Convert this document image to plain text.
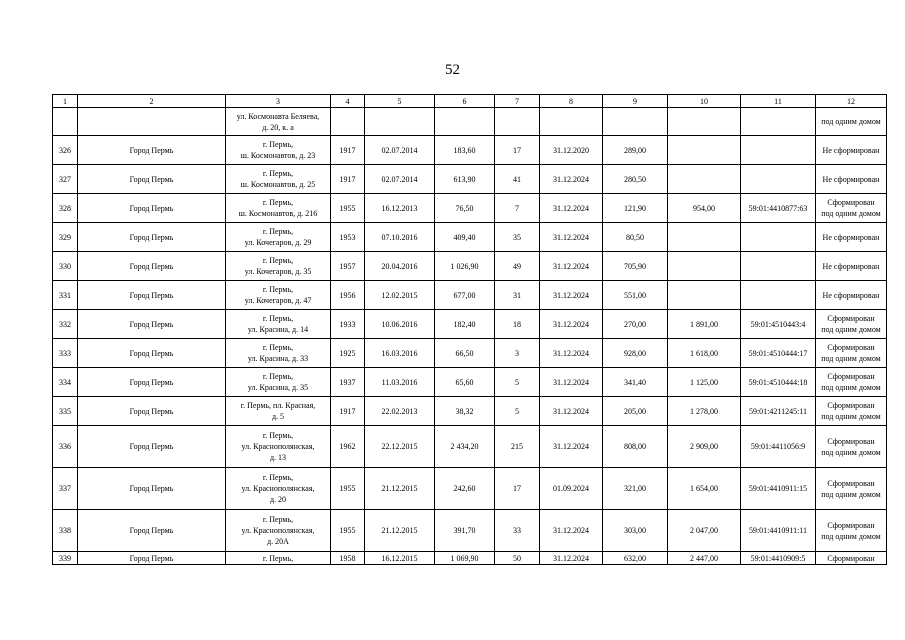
52
1	2	3	4	5	6	7	8	9	10	11	12
		ул. Космонавта Беляева,
д. 20, к. а									под одним домом
326	Город Пермь	г. Пермь,
ш. Космонавтов, д. 23	1917	02.07.2014	183,60	17	31.12.2020	289,00			Не сформирован
327	Город Пермь	г. Пермь,
ш. Космонавтов, д. 25	1917	02.07.2014	613,90	41	31.12.2024	280,50			Не сформирован
328	Город Пермь	г. Пермь,
ш. Космонавтов, д. 216	1955	16.12.2013	76,50	7	31.12.2024	121,90	954,00	59:01:4410877:63	Сформирован
под одним домом
329	Город Пермь	г. Пермь,
ул. Кочегаров, д. 29	1953	07.10.2016	409,40	35	31.12.2024	80,50			Не сформирован
330	Город Пермь	г. Пермь,
ул. Кочегаров, д. 35	1957	20.04.2016	1 026,90	49	31.12.2024	705,90			Не сформирован
331	Город Пермь	г. Пермь,
ул. Кочегаров, д. 47	1956	12.02.2015	677,00	31	31.12.2024	551,00			Не сформирован
332	Город Пермь	г. Пермь,
ул. Красина, д. 14	1933	10.06.2016	182,40	18	31.12.2024	270,00	1 891,00	59:01:4510443:4	Сформирован
под одним домом
333	Город Пермь	г. Пермь,
ул. Красина, д. 33	1925	16.03.2016	66,50	3	31.12.2024	928,00	1 618,00	59:01:4510444:17	Сформирован
под одним домом
334	Город Пермь	г. Пермь,
ул. Красина, д. 35	1937	11.03.2016	65,60	5	31.12.2024	341,40	1 125,00	59:01:4510444:18	Сформирован
под одним домом
335	Город Пермь	г. Пермь, пл. Красная,
д. 5	1917	22.02.2013	38,32	5	31.12.2024	205,00	1 278,00	59:01:4211245:11	Сформирован
под одним домом
336	Город Пермь	г. Пермь,
ул. Краснополянская,
д. 13	1962	22.12.2015	2 434,20	215	31.12.2024	808,00	2 909,00	59:01:4411056:9	Сформирован
под одним домом
337	Город Пермь	г. Пермь,
ул. Краснополянская,
д. 20	1955	21.12.2015	242,60	17	01.09.2024	321,00	1 654,00	59:01:4410911:15	Сформирован
под одним домом
338	Город Пермь	г. Пермь,
ул. Краснополянская,
д. 20А	1955	21.12.2015	391,70	33	31.12.2024	303,00	2 047,00	59:01:4410911:11	Сформирован
под одним домом
339	Город Пермь	г. Пермь,	1958	16.12.2015	1 069,90	50	31.12.2024	632,00	2 447,00	59:01:4410909:5	Сформирован
